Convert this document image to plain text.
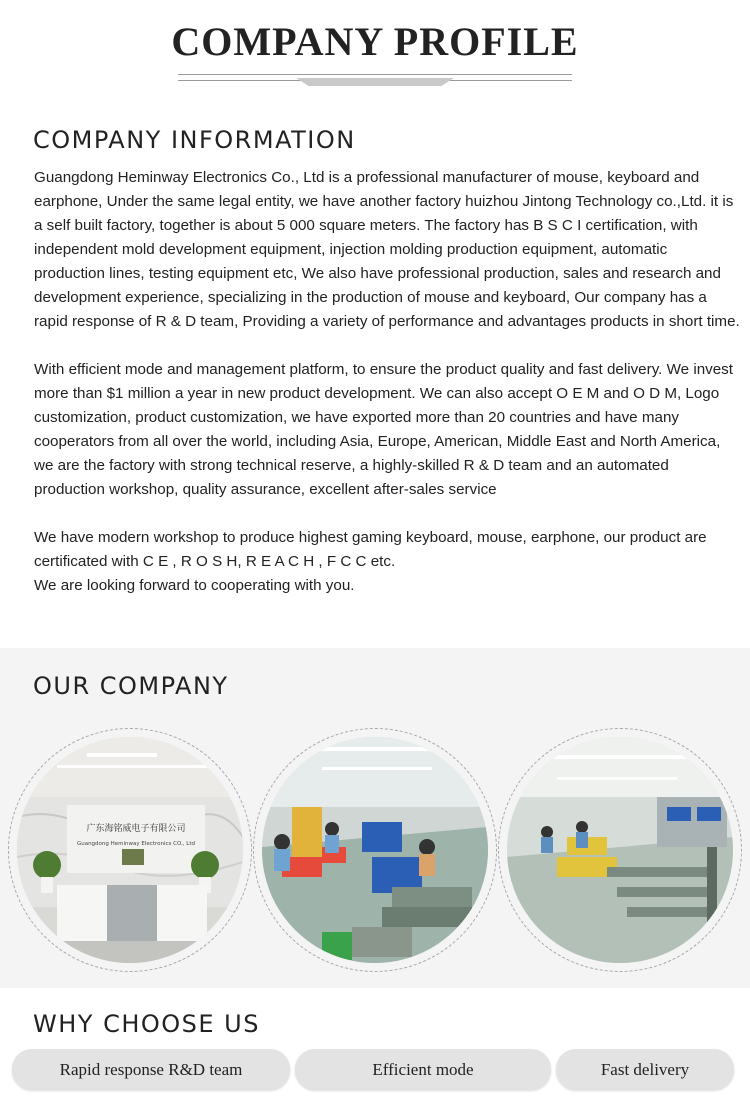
COMPANY PROFILE
COMPANY INFORMATION

Guangdong Heminway Electronics Co., Ltd is a professional manufacturer of mouse, keyboard and earphone, Under the same legal entity, we have another factory huizhou Jintong Technology co.,Ltd. it is a self built factory, together is about 5 000 square meters. The factory has B S C I certification, with independent mold development equipment, injection molding production equipment, automatic production lines, testing equipment etc, We also have professional production, sales and research and development experience, specializing in the production of mouse and keyboard, Our company has a rapid response of R & D team, Providing a variety of performance and advantages products in short time.

With efficient mode and management platform, to ensure the product quality and fast delivery. We invest more than $1 million a year in new product development. We can also accept O E M and O D M, Logo customization, product customization, we have exported more than 20 countries and have many cooperators from all over the world, including Asia, Europe, American, Middle East and North America, we are the factory with strong technical reserve, a highly-skilled R & D team and an automated production workshop, quality assurance, excellent after-sales service

We have modern workshop to produce highest gaming keyboard, mouse, earphone, our product are certificated with C E , R O S H, R E A C H , F C C etc.
We are looking forward to cooperating with you.

OUR COMPANY
广东海铭威电子有限公司
Guangdong Heminway Electronics CO., Ltd
WHY CHOOSE US
Rapid response R&D team	Efficient mode	Fast delivery
